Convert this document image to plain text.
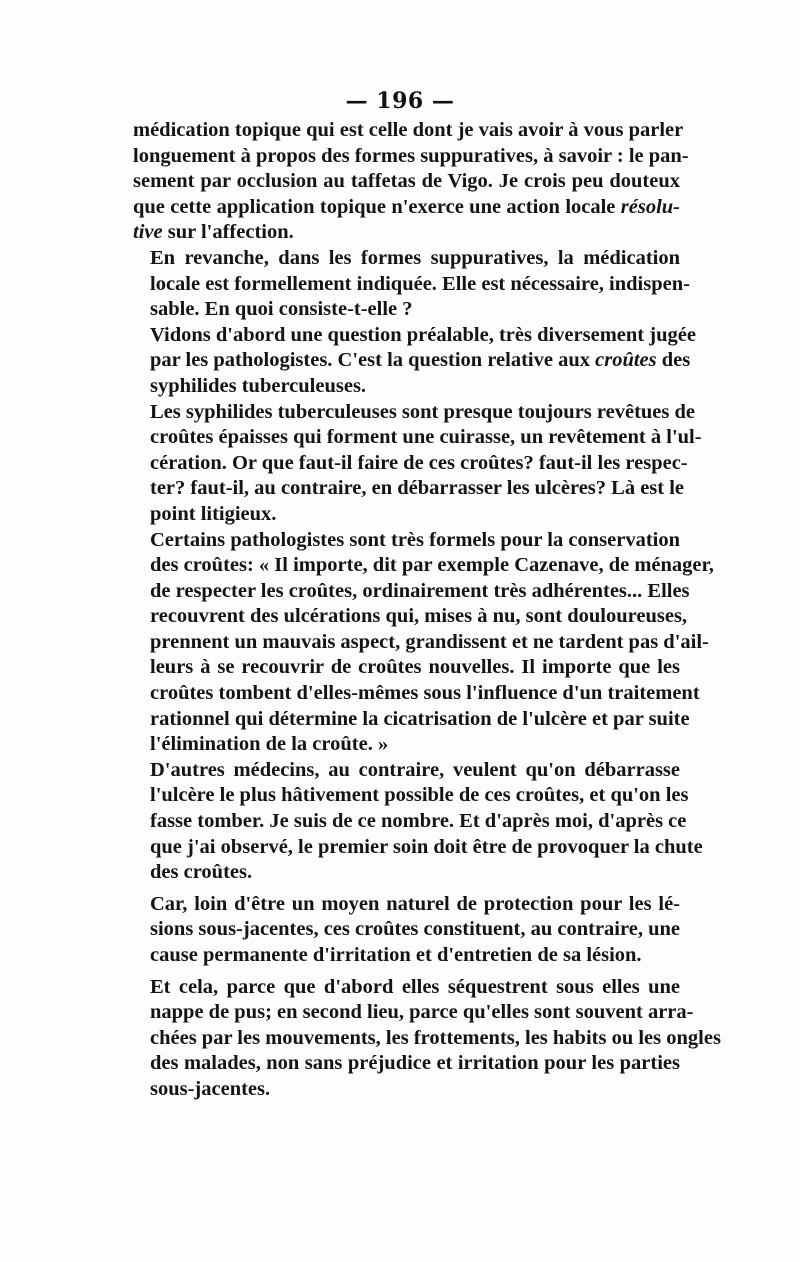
— 196 —
médication topique qui est celle dont je vais avoir à vous parler
longuement à propos des formes suppuratives, à savoir : le pan-
sement par occlusion au taffetas de Vigo. Je crois peu douteux
que cette application topique n'exerce une action locale résolu-
tive sur l'affection.
En revanche, dans les formes suppuratives, la médication
locale est formellement indiquée. Elle est nécessaire, indispen-
sable. En quoi consiste-t-elle ?
Vidons d'abord une question préalable, très diversement jugée
par les pathologistes. C'est la question relative aux croûtes des
syphilides tuberculeuses.
Les syphilides tuberculeuses sont presque toujours revêtues de
croûtes épaisses qui forment une cuirasse, un revêtement à l'ul-
cération. Or que faut-il faire de ces croûtes? faut-il les respec-
ter? faut-il, au contraire, en débarrasser les ulcères? Là est le
point litigieux.
Certains pathologistes sont très formels pour la conservation
des croûtes: « Il importe, dit par exemple Cazenave, de ménager,
de respecter les croûtes, ordinairement très adhérentes... Elles
recouvrent des ulcérations qui, mises à nu, sont douloureuses,
prennent un mauvais aspect, grandissent et ne tardent pas d'ail-
leurs à se recouvrir de croûtes nouvelles. Il importe que les
croûtes tombent d'elles-mêmes sous l'influence d'un traitement
rationnel qui détermine la cicatrisation de l'ulcère et par suite
l'élimination de la croûte. »
D'autres médecins, au contraire, veulent qu'on débarrasse
l'ulcère le plus hâtivement possible de ces croûtes, et qu'on les
fasse tomber. Je suis de ce nombre. Et d'après moi, d'après ce
que j'ai observé, le premier soin doit être de provoquer la chute
des croûtes.
Car, loin d'être un moyen naturel de protection pour les lé-
sions sous-jacentes, ces croûtes constituent, au contraire, une
cause permanente d'irritation et d'entretien de sa lésion.
Et cela, parce que d'abord elles séquestrent sous elles une
nappe de pus; en second lieu, parce qu'elles sont souvent arra-
chées par les mouvements, les frottements, les habits ou les ongles
des malades, non sans préjudice et irritation pour les parties
sous-jacentes.
